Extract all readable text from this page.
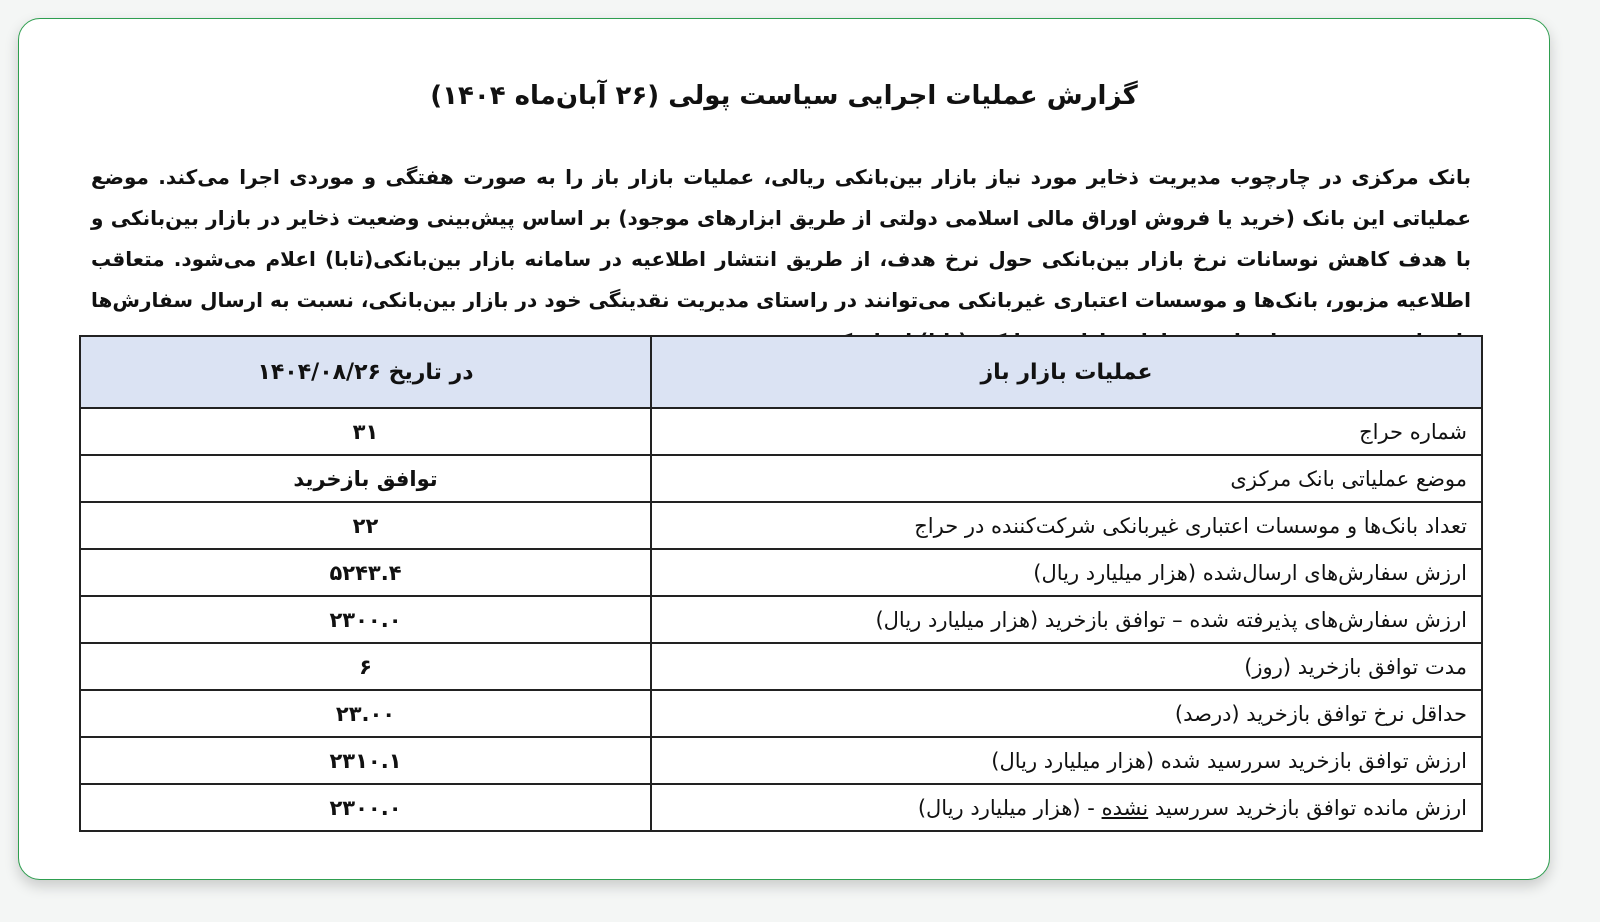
گزارش عملیات اجرایی سیاست پولی (۲۶ آبان‌ماه ۱۴۰۴)
بانک مرکزی در چارچوب مدیریت ذخایر مورد نیاز بازار بین‌بانکی ریالی، عملیات بازار باز را به صورت هفتگی و موردی اجرا می‌کند. موضع عملیاتی این بانک (خرید یا فروش اوراق مالی اسلامی دولتی از طریق ابزارهای موجود) بر اساس پیش‌بینی وضعیت ذخایر در بازار بین‌بانکی و با هدف کاهش نوسانات نرخ بازار بین‌بانکی حول نرخ هدف، از طریق انتشار اطلاعیه در سامانه بازار بین‌بانکی(تابا) اعلام می‌شود. متعاقب اطلاعیه مزبور، بانک‌ها و موسسات اعتباری غیربانکی می‌توانند در راستای مدیریت نقدینگی خود در بازار بین‌بانکی، نسبت به ارسال سفارش‌ها
عملیات بازار باز	در تاریخ ۱۴۰۴/۰۸/۲۶
شماره حراج	۳۱
موضع عملیاتی بانک مرکزی	توافق بازخرید
تعداد بانک‌ها و موسسات اعتباری غیربانکی شرکت‌کننده در حراج	۲۲
ارزش سفارش‌های ارسال‌شده (هزار میلیارد ریال)	۵۲۴۳.۴
ارزش سفارش‌های پذیرفته شده – توافق بازخرید (هزار میلیارد ریال)	۲۳۰۰.۰
مدت توافق بازخرید (روز)	۶
حداقل نرخ توافق بازخرید (درصد)	۲۳.۰۰
ارزش توافق بازخرید سررسید شده (هزار میلیارد ریال)	۲۳۱۰.۱
ارزش مانده توافق بازخرید سررسید نشده - (هزار میلیارد ریال)	۲۳۰۰.۰
